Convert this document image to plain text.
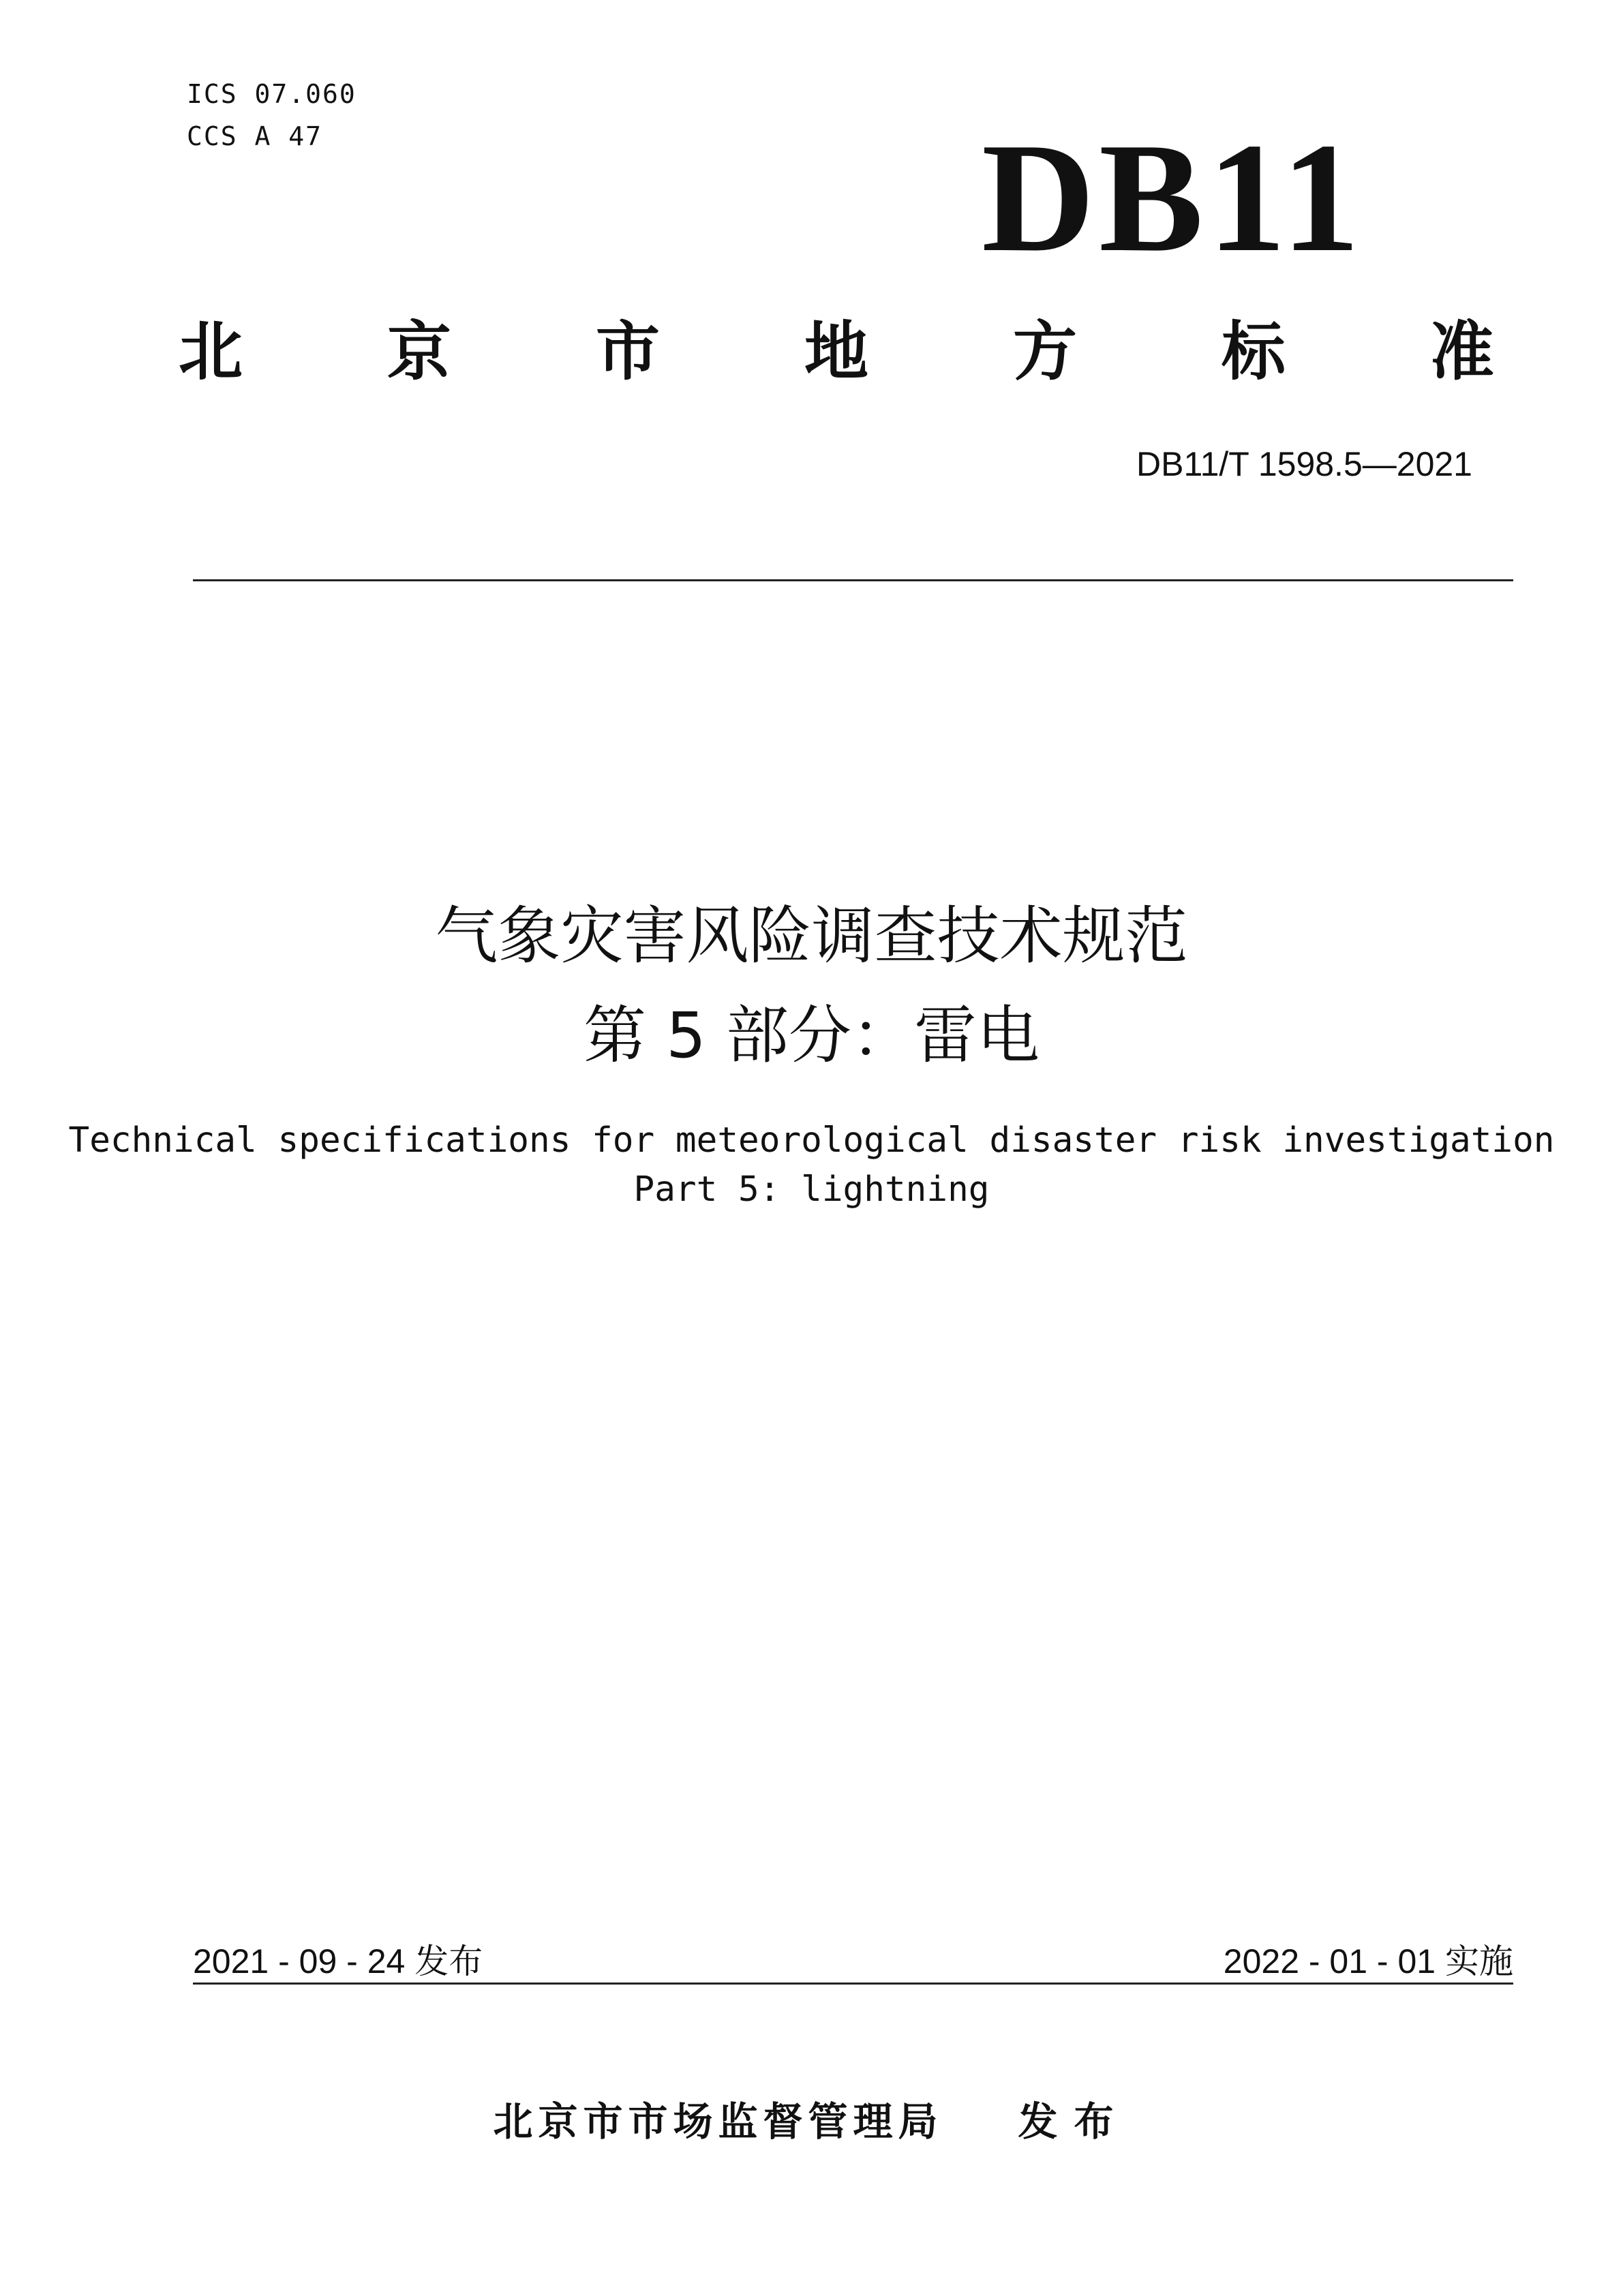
ICS 07.060
CCS A 47	DB11
北 京 市 地 方 标 准
DB11/T 1598.5—2021
气象灾害风险调查技术规范
第 5 部分：雷电
Technical specifications for meteorological disaster risk investigation
Part 5: lightning
2021 - 09 - 24 发布	2022 - 01 - 01 实施
北京市市场监督管理局 发布
